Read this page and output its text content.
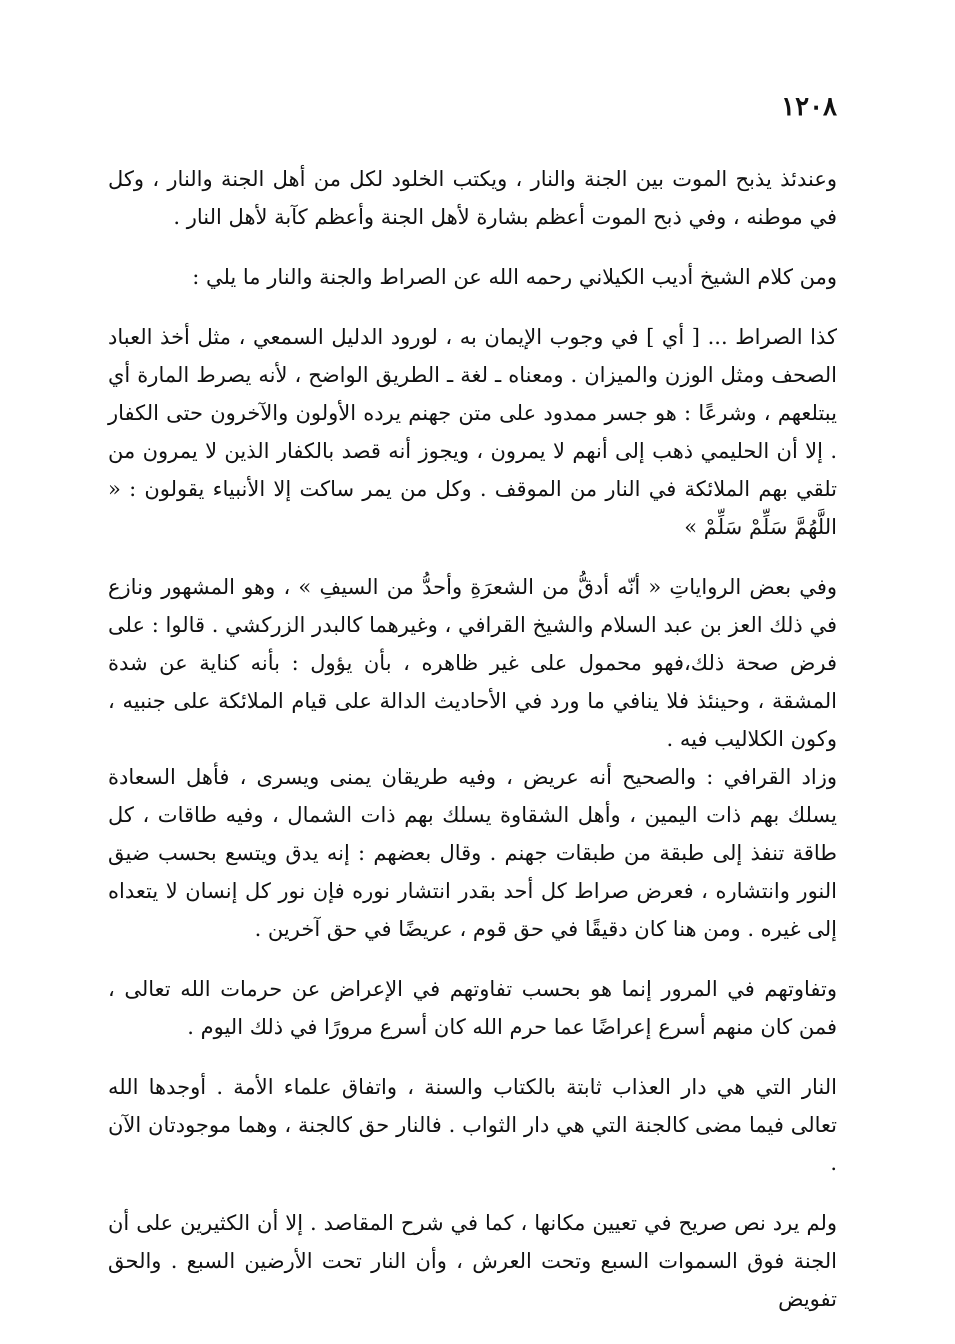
١٢٠٨

وعندئذ يذبح الموت بين الجنة والنار ، ويكتب الخلود لكل من أهل الجنة والنار ، وكل في موطنه ، وفي ذبح الموت أعظم بشارة لأهل الجنة وأعظم كآبة لأهل النار .

ومن كلام الشيخ أديب الكيلاني رحمه الله عن الصراط والجنة والنار ما يلي :

كذا الصراط ... [ أي ] في وجوب الإيمان به ، لورود الدليل السمعي ، مثل أخذ العباد الصحف ومثل الوزن والميزان . ومعناه ـ لغة ـ الطريق الواضح ، لأنه يصرط المارة أي يبتلعهم ، وشرعًا : هو جسر ممدود على متن جهنم يرده الأولون والآخرون حتى الكفار . إلا أن الحليمي ذهب إلى أنهم لا يمرون ، ويجوز أنه قصد بالكفار الذين لا يمرون من تلقي بهم الملائكة في النار من الموقف . وكل من يمر ساكت إلا الأنبياء يقولون : « اللَّهُمَّ سَلِّمْ سَلِّمْ »

وفي بعض الرواياتِ « أنّه أدقُّ من الشعرَةِ وأحدُّ من السيفِ » ، وهو المشهور ونازع في ذلك العز بن عبد السلام والشيخ القرافي ، وغيرهما كالبدر الزركشي . قالوا : على فرض صحة ذلك،فهو محمول على غير ظاهره ، بأن يؤول : بأنه كناية عن شدة المشقة ، وحينئذ فلا ينافي ما ورد في الأحاديث الدالة على قيام الملائكة على جنبيه ، وكون الكلاليب فيه .

وزاد القرافي : والصحيح أنه عريض ، وفيه طريقان يمنى ويسرى ، فأهل السعادة يسلك بهم ذات اليمين ، وأهل الشقاوة يسلك بهم ذات الشمال ، وفيه طاقات ، كل طاقة تنفذ إلى طبقة من طبقات جهنم . وقال بعضهم : إنه يدق ويتسع بحسب ضيق النور وانتشاره ، فعرض صراط كل أحد بقدر انتشار نوره فإن نور كل إنسان لا يتعداه إلى غيره . ومن هنا كان دقيقًا في حق قوم ، عريضًا في حق آخرين .

وتفاوتهم في المرور إنما هو بحسب تفاوتهم في الإعراض عن حرمات الله تعالى ، فمن كان منهم أسرع إعراضًا عما حرم الله كان أسرع مرورًا في ذلك اليوم .

النار التي هي دار العذاب ثابتة بالكتاب والسنة ، واتفاق علماء الأمة . أوجدها الله تعالى فيما مضى كالجنة التي هي دار الثواب . فالنار حق كالجنة ، وهما موجودتان الآن .

ولم يرد نص صريح في تعيين مكانها ، كما في شرح المقاصد . إلا أن الكثيرين على أن الجنة فوق السموات السبع وتحت العرش ، وأن النار تحت الأرضين السبع . والحق تفويض
